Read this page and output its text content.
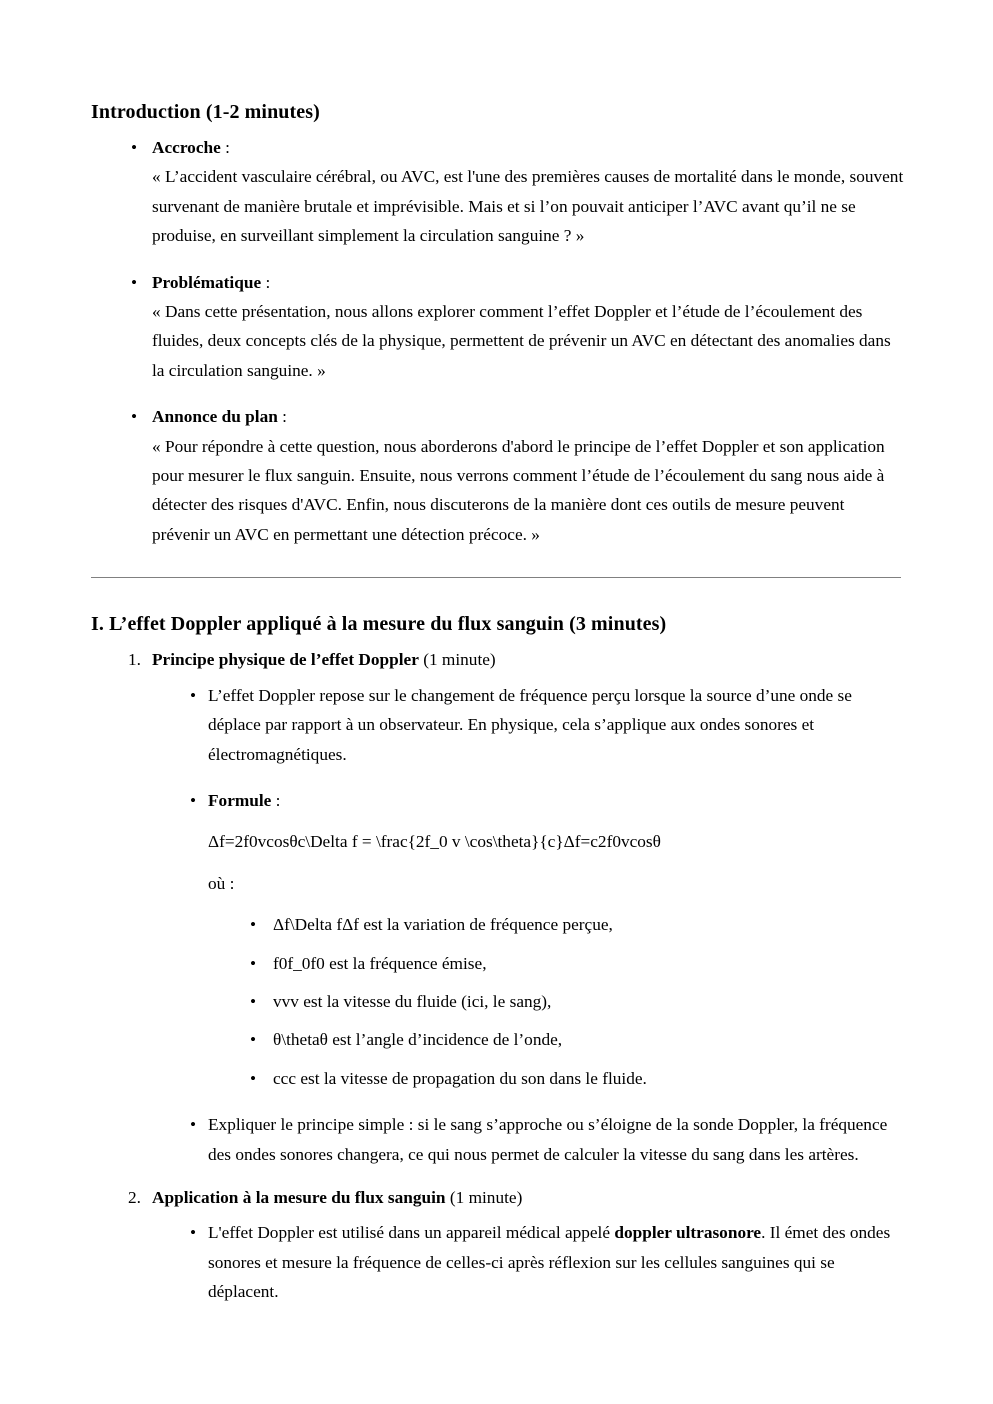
Introduction (1-2 minutes)
• Accroche :
« L’accident vasculaire cérébral, ou AVC, est l'une des premières causes de mortalité dans le monde, souvent survenant de manière brutale et imprévisible. Mais et si l’on pouvait anticiper l’AVC avant qu’il ne se produise, en surveillant simplement la circulation sanguine ? »
• Problématique :
« Dans cette présentation, nous allons explorer comment l’effet Doppler et l’étude de l’écoulement des fluides, deux concepts clés de la physique, permettent de prévenir un AVC en détectant des anomalies dans la circulation sanguine. »
• Annonce du plan :
« Pour répondre à cette question, nous aborderons d'abord le principe de l’effet Doppler et son application pour mesurer le flux sanguin. Ensuite, nous verrons comment l’étude de l’écoulement du sang nous aide à détecter des risques d'AVC. Enfin, nous discuterons de la manière dont ces outils de mesure peuvent prévenir un AVC en permettant une détection précoce. »
I. L’effet Doppler appliqué à la mesure du flux sanguin (3 minutes)
1. Principe physique de l’effet Doppler (1 minute)
• L’effet Doppler repose sur le changement de fréquence perçu lorsque la source d’une onde se déplace par rapport à un observateur. En physique, cela s’applique aux ondes sonores et électromagnétiques.
• Formule :
Δf=2f0vcosθc\Delta f = \frac{2f_0 v \cos\theta}{c}Δf=c2f0vcosθ
où :
• Δf\Delta fΔf est la variation de fréquence perçue,
• f0f_0f0 est la fréquence émise,
• vvv est la vitesse du fluide (ici, le sang),
• θ\thetaθ est l’angle d’incidence de l’onde,
• ccc est la vitesse de propagation du son dans le fluide.
• Expliquer le principe simple : si le sang s’approche ou s’éloigne de la sonde Doppler, la fréquence des ondes sonores changera, ce qui nous permet de calculer la vitesse du sang dans les artères.
2. Application à la mesure du flux sanguin (1 minute)
• L'effet Doppler est utilisé dans un appareil médical appelé doppler ultrasonore. Il émet des ondes sonores et mesure la fréquence de celles-ci après réflexion sur les cellules sanguines qui se déplacent.
